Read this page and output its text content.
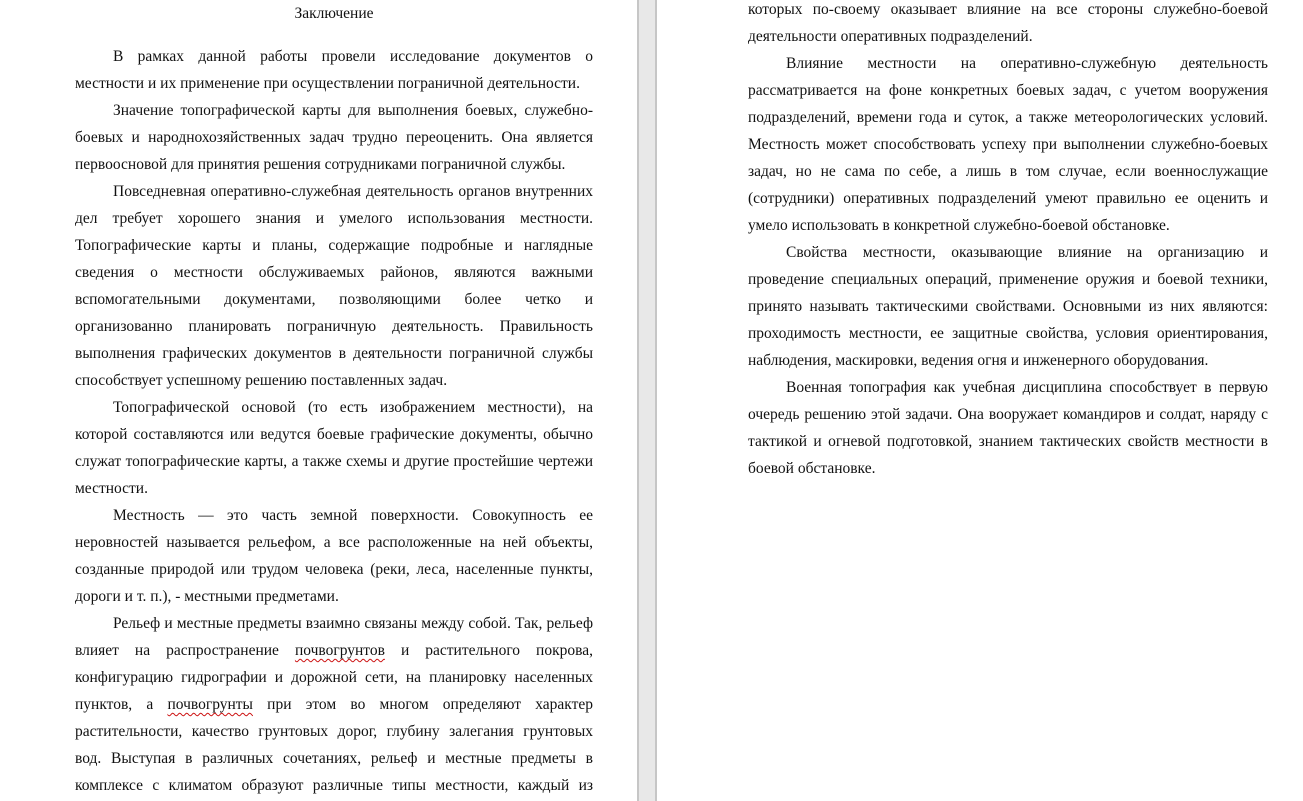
Заключение
В рамках данной работы провели исследование документов о
местности и их применение при осуществлении пограничной деятельности.
Значение топографической карты для выполнения боевых, служебно-
боевых и народнохозяйственных задач трудно переоценить. Она является
первоосновой для принятия решения сотрудниками пограничной службы.
Повседневная оперативно-служебная деятельность органов внутренних
дел требует хорошего знания и умелого использования местности.
Топографические карты и планы, содержащие подробные и наглядные
сведения о местности обслуживаемых районов, являются важными
вспомогательными документами, позволяющими более четко и
организованно планировать пограничную деятельность. Правильность
выполнения графических документов в деятельности пограничной службы
способствует успешному решению поставленных задач.
Топографической основой (то есть изображением местности), на
которой составляются или ведутся боевые графические документы, обычно
служат топографические карты, а также схемы и другие простейшие чертежи
местности.
Местность — это часть земной поверхности. Совокупность ее
неровностей называется рельефом, а все расположенные на ней объекты,
созданные природой или трудом человека (реки, леса, населенные пункты,
дороги и т. п.), - местными предметами.
Рельеф и местные предметы взаимно связаны между собой. Так, рельеф
влияет на распространение почвогрунтов и растительного покрова,
конфигурацию гидрографии и дорожной сети, на планировку населенных
пунктов, а почвогрунты при этом во многом определяют характер
растительности, качество грунтовых дорог, глубину залегания грунтовых
вод. Выступая в различных сочетаниях, рельеф и местные предметы в
комплексе с климатом образуют различные типы местности, каждый из
которых по-своему оказывает влияние на все стороны служебно-боевой
деятельности оперативных подразделений.
Влияние местности на оперативно-служебную деятельность
рассматривается на фоне конкретных боевых задач, с учетом вооружения
подразделений, времени года и суток, а также метеорологических условий.
Местность может способствовать успеху при выполнении служебно-боевых
задач, но не сама по себе, а лишь в том случае, если военнослужащие
(сотрудники) оперативных подразделений умеют правильно ее оценить и
умело использовать в конкретной служебно-боевой обстановке.
Свойства местности, оказывающие влияние на организацию и
проведение специальных операций, применение оружия и боевой техники,
принято называть тактическими свойствами. Основными из них являются:
проходимость местности, ее защитные свойства, условия ориентирования,
наблюдения, маскировки, ведения огня и инженерного оборудования.
Военная топография как учебная дисциплина способствует в первую
очередь решению этой задачи. Она вооружает командиров и солдат, наряду с
тактикой и огневой подготовкой, знанием тактических свойств местности в
боевой обстановке.
